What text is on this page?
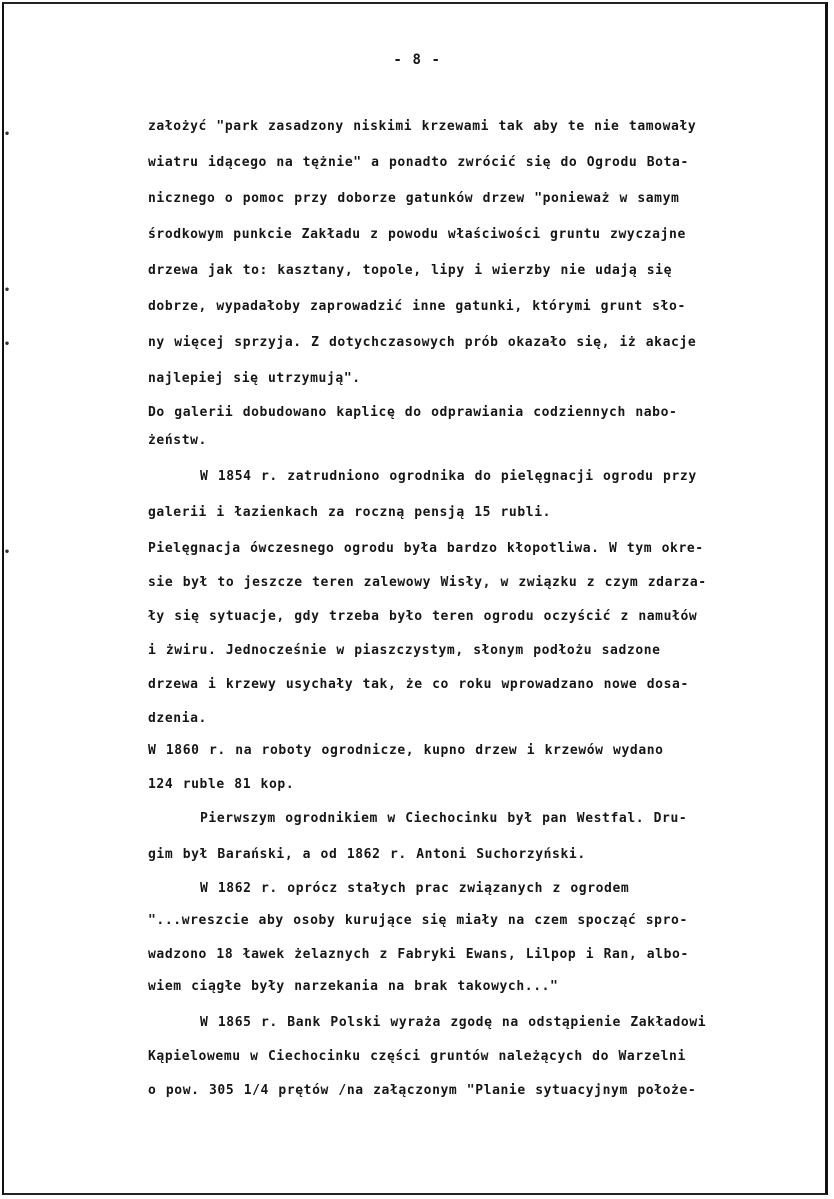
- 8 -
założyć "park zasadzony niskimi krzewami tak aby te nie tamowały
wiatru idącego na tężnie" a ponadto zwrócić się do Ogrodu Bota-
nicznego o pomoc przy doborze gatunków drzew "ponieważ w samym
środkowym punkcie Zakładu z powodu właściwości gruntu zwyczajne
drzewa jak to: kasztany, topole, lipy i wierzby nie udają się
dobrze, wypadałoby zaprowadzić inne gatunki, którymi grunt sło-
ny więcej sprzyja. Z dotychczasowych prób okazało się, iż akacje
najlepiej się utrzymują".
Do galerii dobudowano kaplicę do odprawiania codziennych nabo-
żeństw.
W 1854 r. zatrudniono ogrodnika do pielęgnacji ogrodu przy
galerii i łazienkach za roczną pensją 15 rubli.
Pielęgnacja ówczesnego ogrodu była bardzo kłopotliwa. W tym okre-
sie był to jeszcze teren zalewowy Wisły, w związku z czym zdarza-
ły się sytuacje, gdy trzeba było teren ogrodu oczyścić z namułów
i żwiru. Jednocześnie w piaszczystym, słonym podłożu sadzone
drzewa i krzewy usychały tak, że co roku wprowadzano nowe dosa-
dzenia.
W 1860 r. na roboty ogrodnicze, kupno drzew i krzewów wydano
124 ruble 81 kop.
Pierwszym ogrodnikiem w Ciechocinku był pan Westfal. Dru-
gim był Barański, a od 1862 r. Antoni Suchorzyński.
W 1862 r. oprócz stałych prac związanych z ogrodem
"...wreszcie aby osoby kurujące się miały na czem spocząć spro-
wadzono 18 ławek żelaznych z Fabryki Ewans, Lilpop i Ran, albo-
wiem ciągłe były narzekania na brak takowych..."
W 1865 r. Bank Polski wyraża zgodę na odstąpienie Zakładowi
Kąpielowemu w Ciechocinku części gruntów należących do Warzelni
o pow. 305 1/4 prętów /na załączonym "Planie sytuacyjnym położe-
•
•
•
•
